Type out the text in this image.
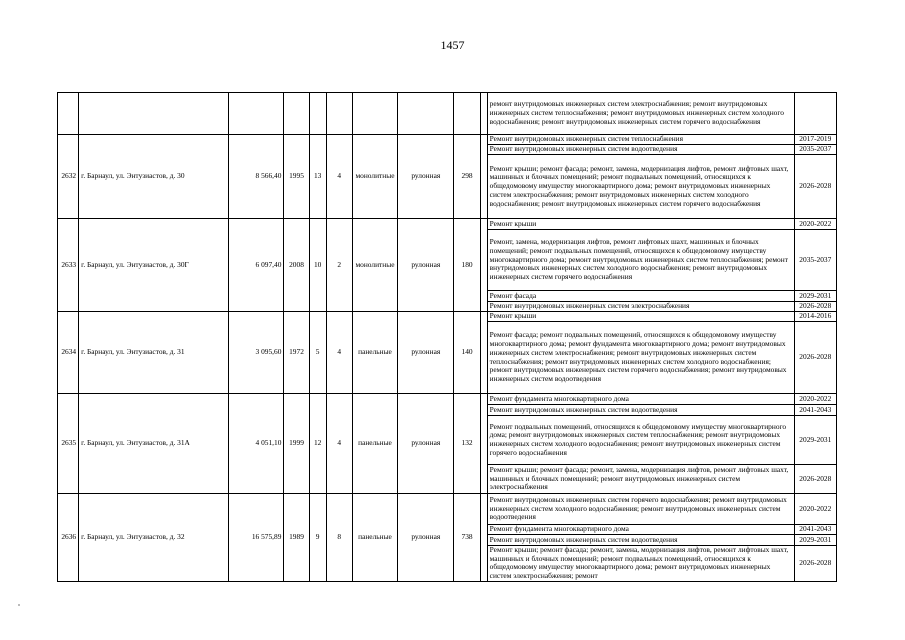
1457
										ремонт внутридомовых инженерных систем электроснабжения; ремонт внутридомовых инженерных систем теплоснабжения; ремонт внутридомовых инженерных систем холодного водоснабжения; ремонт внутридомовых инженерных систем горячего водоснабжения	
2632	г. Барнаул, ул. Энтузиастов, д. 30	8 566,40	1995	13	4	монолитные	рулонная	298		Ремонт внутридомовых инженерных систем теплоснабжения	2017-2019
										Ремонт внутридомовых инженерных систем водоотведения	2035-2037
										Ремонт крыши; ремонт фасада; ремонт, замена, модернизация лифтов, ремонт лифтовых шахт, машинных и блочных помещений; ремонт подвальных помещений, относящихся к общедомовому имуществу многоквартирного дома; ремонт внутридомовых инженерных систем электроснабжения; ремонт внутридомовых инженерных систем холодного водоснабжения; ремонт внутридомовых инженерных систем горячего водоснабжения	2026-2028
2633	г. Барнаул, ул. Энтузиастов, д. 30Г	6 097,40	2008	10	2	монолитные	рулонная	180		Ремонт крыши	2020-2022
										Ремонт, замена, модернизация лифтов, ремонт лифтовых шахт, машинных и блочных помещений; ремонт подвальных помещений, относящихся к общедомовому имуществу многоквартирного дома; ремонт внутридомовых инженерных систем теплоснабжения; ремонт внутридомовых инженерных систем холодного водоснабжения; ремонт внутридомовых инженерных систем горячего водоснабжения	2035-2037
										Ремонт фасада	2029-2031
										Ремонт внутридомовых инженерных систем электроснабжения	2026-2028
2634	г. Барнаул, ул. Энтузиастов, д. 31	3 095,60	1972	5	4	панельные	рулонная	140		Ремонт крыши	2014-2016
										Ремонт фасада; ремонт подвальных помещений, относящихся к общедомовому имуществу многоквартирного дома; ремонт фундамента многоквартирного дома; ремонт внутридомовых инженерных систем электроснабжения; ремонт внутридомовых инженерных систем теплоснабжения; ремонт внутридомовых инженерных систем холодного водоснабжения; ремонт внутридомовых инженерных систем горячего водоснабжения; ремонт внутридомовых инженерных систем водоотведения	2026-2028
2635	г. Барнаул, ул. Энтузиастов, д. 31А	4 051,10	1999	12	4	панельные	рулонная	132		Ремонт фундамента многоквартирного дома	2020-2022
										Ремонт внутридомовых инженерных систем водоотведения	2041-2043
										Ремонт подвальных помещений, относящихся к общедомовому имуществу многоквартирного дома; ремонт внутридомовых инженерных систем теплоснабжения; ремонт внутридомовых инженерных систем холодного водоснабжения; ремонт внутридомовых инженерных систем горячего водоснабжения	2029-2031
										Ремонт крыши; ремонт фасада; ремонт, замена, модернизация лифтов, ремонт лифтовых шахт, машинных и блочных помещений; ремонт внутридомовых инженерных систем электроснабжения	2026-2028
2636	г. Барнаул, ул. Энтузиастов, д. 32	16 575,89	1989	9	8	панельные	рулонная	738		Ремонт внутридомовых инженерных систем горячего водоснабжения; ремонт внутридомовых инженерных систем холодного водоснабжения; ремонт внутридомовых инженерных систем водоотведения	2020-2022
										Ремонт фундамента многоквартирного дома	2041-2043
										Ремонт внутридомовых инженерных систем водоотведения	2029-2031
										Ремонт крыши; ремонт фасада; ремонт, замена, модернизация лифтов, ремонт лифтовых шахт, машинных и блочных помещений; ремонт подвальных помещений, относящихся к общедомовому имуществу многоквартирного дома; ремонт внутридомовых инженерных систем электроснабжения; ремонт	2026-2028
